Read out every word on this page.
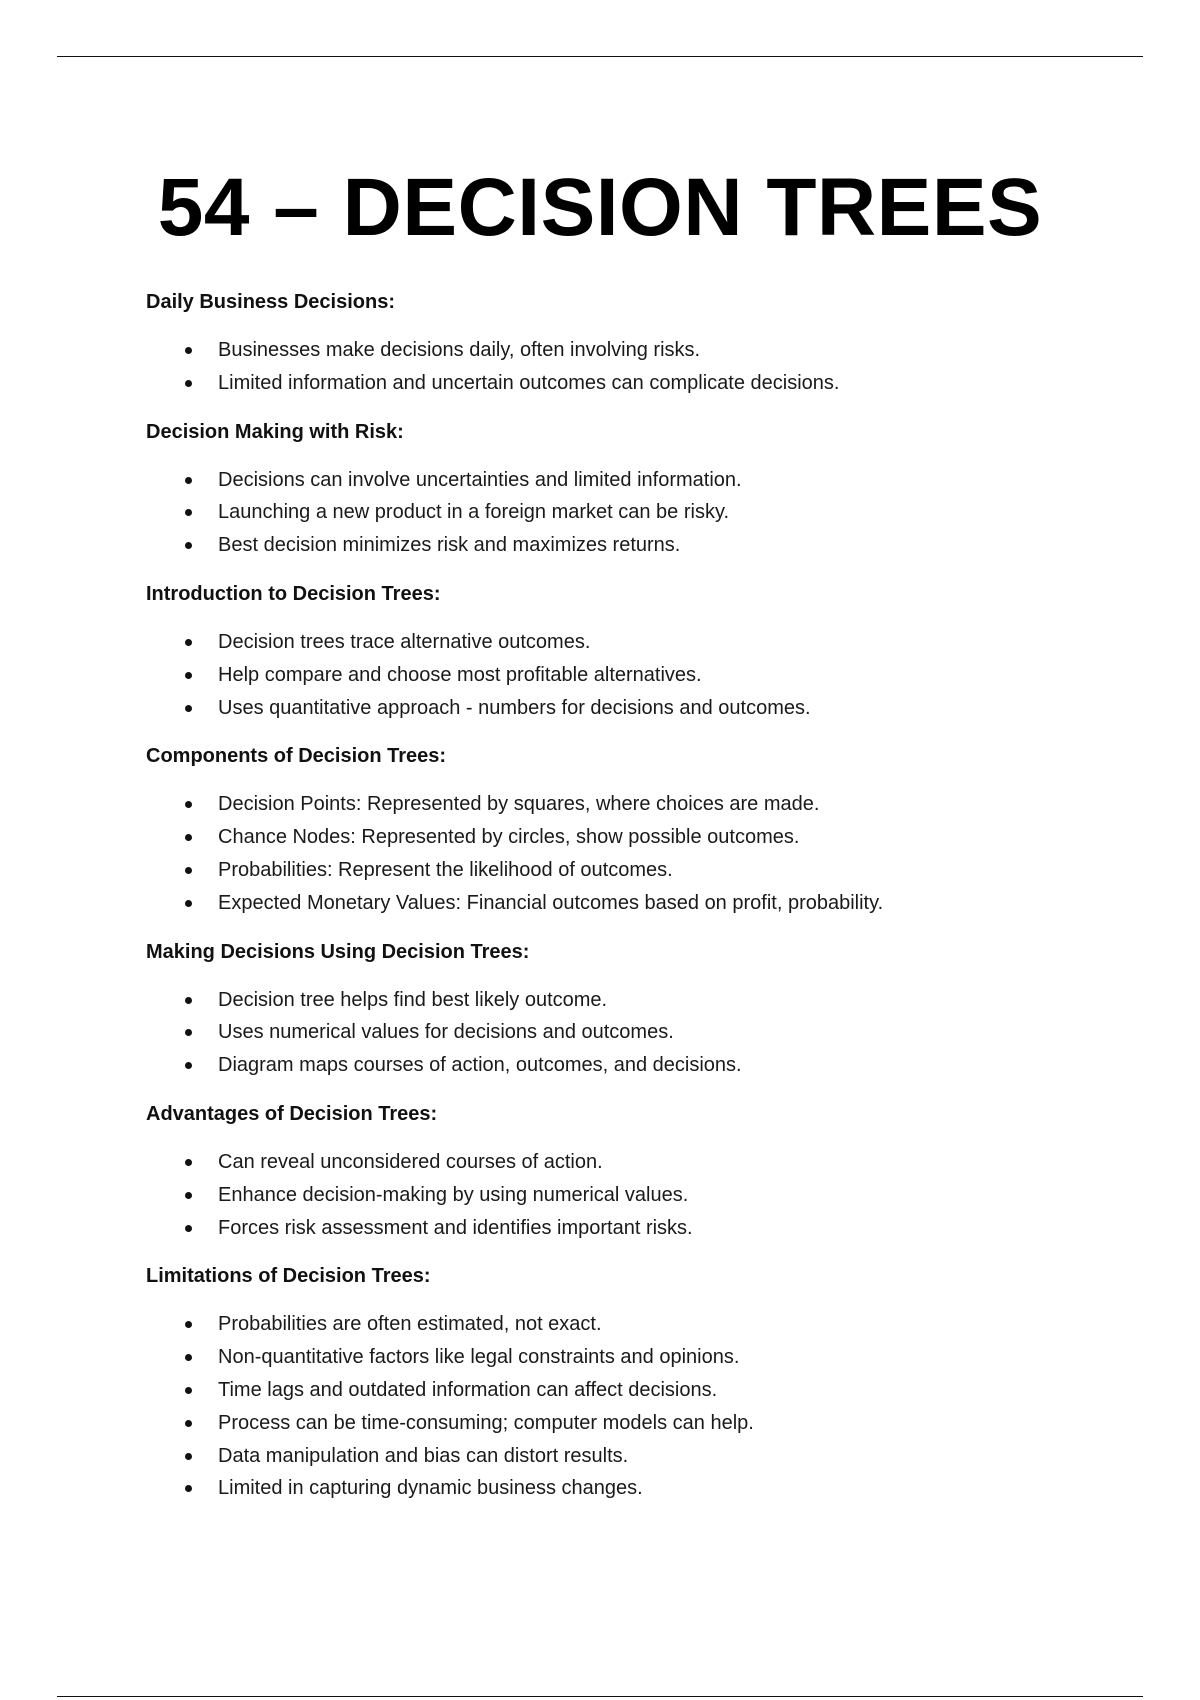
54 – DECISION TREES
Daily Business Decisions:
Businesses make decisions daily, often involving risks.
Limited information and uncertain outcomes can complicate decisions.
Decision Making with Risk:
Decisions can involve uncertainties and limited information.
Launching a new product in a foreign market can be risky.
Best decision minimizes risk and maximizes returns.
Introduction to Decision Trees:
Decision trees trace alternative outcomes.
Help compare and choose most profitable alternatives.
Uses quantitative approach - numbers for decisions and outcomes.
Components of Decision Trees:
Decision Points: Represented by squares, where choices are made.
Chance Nodes: Represented by circles, show possible outcomes.
Probabilities: Represent the likelihood of outcomes.
Expected Monetary Values: Financial outcomes based on profit, probability.
Making Decisions Using Decision Trees:
Decision tree helps find best likely outcome.
Uses numerical values for decisions and outcomes.
Diagram maps courses of action, outcomes, and decisions.
Advantages of Decision Trees:
Can reveal unconsidered courses of action.
Enhance decision-making by using numerical values.
Forces risk assessment and identifies important risks.
Limitations of Decision Trees:
Probabilities are often estimated, not exact.
Non-quantitative factors like legal constraints and opinions.
Time lags and outdated information can affect decisions.
Process can be time-consuming; computer models can help.
Data manipulation and bias can distort results.
Limited in capturing dynamic business changes.
